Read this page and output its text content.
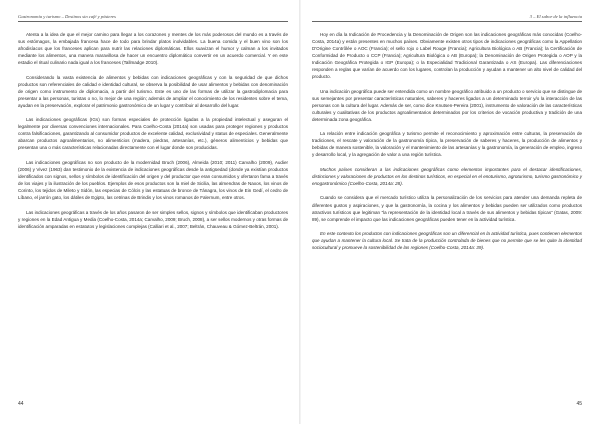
Gastronomía y turismo – Destinos sin café y pósteres

Atenta a la idea de que el mejor camino para llegar a los corazones y mentes de los más poderosos del mundo es a través de sus estómagos, la embajada francesa hace de todo para brindar platos inolvidables. La buena comida y el buen vino son los afrodisíacos que los franceses aplican para nutrir las relaciones diplomáticas. Ellos suavizan el humor y calman a los invitados mediante los alimentos, una manera maravillosa de hacer un encuentro diplomático convertir en un acuerdo comercial. Y en este estadio el ritual culinario nada igual a los franceses (Tallmadge 2010).

Considerando la vasta existencia de alimentos y bebidas con indicaciones geográficas y con la seguridad de que dichos productos son referenciales de calidad e identidad cultural, se observa la posibilidad de usar alimentos y bebidas con denominación de origen como instrumento de diplomacia, a partir del turismo. Este es uno de las formas de utilizar la gastrodiplomacia para presentar a las personas, turistas o no, lo mejor de una región; además de ampliar el conocimiento de los residentes sobre el tema, ayudan en la preservación, explorar el patrimonio gastronómico de un lugar y contribuir al desarrollo del lugar.

Las indicaciones geográficas (IGs) son formas especiales de protección ligadas a la propiedad intelectual y aseguran el legalmente por diversas convenciones internacionales. Para Coelho-Costa (2014a) son usadas para proteger regiones y productos contra falsificaciones, garantizando al consumidor productos de excelente calidad, exclusividad y status de especiales. Generalmente abarcan productos agroalimentarios, no alimenticios (madera, piedras, artesanías, etc.), géneros alimenticios y bebidas que presentan una o más características relacionadas directamente con el lugar donde son producidas.

Las indicaciones geográficas no son producto de la modernidad Bruch (2006), Almeida (2010; 2011) Carvalho (2009), Audier (2006) y Vivez (1963) dan testimonio de la existencia de indicaciones geográficas desde la antigüedad (donde ya existían productos identificados con signos, sellos y símbolos de identificación del origen y del productor que eran consumidos y ofertaron fama a través de los viajes y la ilustración de los pueblos. Ejemplos de esos productos son la miel de Sicilia, las almendras de Naxos, los vinos de Corinto, los tejidos de Mileto y Sidón, las especias de Cólcis y las estatuas de bronce de Tánagra, los vinos de Ein Gedí, el cedro de Líbano, el jarrón gato, los dátiles de Egipto, las cetrinas de Brindis y los vinos romanos de Falernum, entre otros.

Las indicaciones geográficas a través de los años pasaron de ser simples sellos, signos y símbolos que identificaban productores y regiones en la Edad Antigua y Media (Coelho-Costa, 2014a; Carvalho, 2009; Bruch, 2008), a ser sellos modernos y otras formas de identificación amparadas en estatutos y legislaciones complejas (Calliari et al., 2007; Beltrán, Chauveau & Gómez-Beltrán, 2001).

44
3 – El sabor de la influencia

Hoy en día la Indicación de Procedencia y la Denominación de Origen son las indicaciones geográficas más conocidas (Coelho-Costa, 2014a) y están presentes en muchos países. Obviamente existen otros tipos de indicaciones geográficas como la Appellation D'Origine Contrôlée o AOC (Francia); el sello rojo o Label Rouge (Francia); Agricultura Biológica o AB (Francia); la Certificación de Conformidad de Producto o CCP (Francia); Agricultura Biológica o AB (Europa); la Denominación de Origen Protegida o AOP y la Indicación Geográfica Protegida o IGP (Europa); o la Especialidad Tradicional Garantizada o AS (Europa). Las diferenciaciones responden a reglas que varían de acuerdo con los lugares, controlan la producción y ayudan a mantener un alto nivel de calidad del producto.

Una indicación geográfica puede ser entendida como un nombre geográfico atribuido a un producto o servicio que se distingue de sus semejantes por presentar características naturales, saberes y haceres ligados a un determinado terroir y/o la interacción de las personas con la cultura del lugar. Además de ser, como dice Knutsen-Pereira (2001), instrumento de valoración de las características culturales y cualitativas de los productos agroalimentarios determinados por los criterios de vocación productiva y tradición de una determinada zona geográfica.

La relación entre indicación geográfica y turismo permite el reconocimiento y aproximación entre culturas, la preservación de tradiciones, el rescate y valoración de la gastronomía típica, la preservación de saberes y haceres, la producción de alimentos y bebidas de manera sostenible, la valoración y el mantenimiento de las artesanías y la gastronomía, la generación de empleo, ingreso y desarrollo local, y la agregación de valor a una región turística.

Muchos países consideran a las indicaciones geográficas como elementos importantes para el destacar identificaciones, distinciones y valoraciones de productos en los destinos turísticos, en especial en el enoturismo, agroturismo, turismo gastronómico y enogastronómico (Coelho-Costa, 2014a: 28).

Cuando se considera que el mercado turístico utiliza la personalización de los servicios para atender una demanda repleta de diferentes gustos y aspiraciones, y que la gastronomía, la cocina y los alimentos y bebidas pueden ser utilizados como productos atractivos turísticos que legitiman “la representación de la identidad local a través de sus alimentos y bebidas típicas” (Gatas, 2009: 89), se comprende el impacto que las indicaciones geográficas pueden tener en la actividad turística.

En este contexto los productos con indicaciones geográficas son un diferencial en la actividad turística, pues contienen elementos que ayudan a mantener la cultura local. Se trata de la producción controlada de bienes que no permite que se les quite la identidad sociocultural y promueve la sostenibilidad de las regiones (Coelho-Costa, 2014a: 39).

45
